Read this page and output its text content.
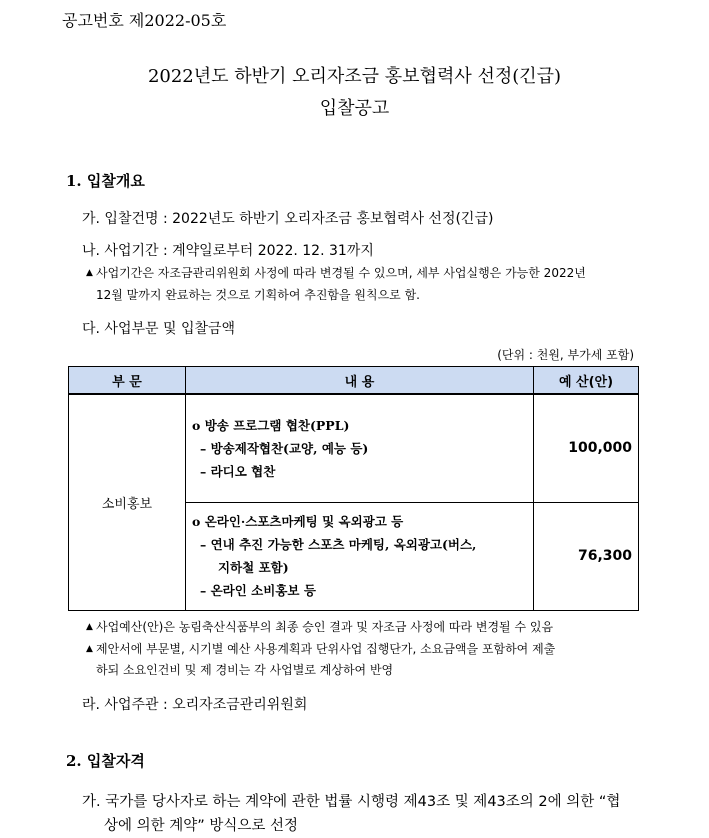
공고번호 제2022-05호
2022년도 하반기 오리자조금 홍보협력사 선정(긴급)
입찰공고
1. 입찰개요
가. 입찰건명 : 2022년도 하반기 오리자조금 홍보협력사 선정(긴급)
나. 사업기간 : 계약일로부터 2022. 12. 31까지
▲ 사업기간은 자조금관리위원회 사정에 따라 변경될 수 있으며, 세부 사업실행은 가능한 2022년
12월 말까지 완료하는 것으로 기획하여 추진함을 원칙으로 함.
다. 사업부문 및 입찰금액
(단위 : 천원, 부가세 포함)
부 문	내 용	예 산(안)
소비홍보	o 방송 프로그램 협찬(PPL)
– 방송제작협찬(교양, 예능 등)
– 라디오 협찬	100,000

	o 온라인·스포츠마케팅 및 옥외광고 등
– 연내 추진 가능한 스포츠 마케팅, 옥외광고(버스,
지하철 포함)
– 온라인 소비홍보 등	76,300
▲ 사업예산(안)은 농림축산식품부의 최종 승인 결과 및 자조금 사정에 따라 변경될 수 있음
▲ 제안서에 부문별, 시기별 예산 사용계획과 단위사업 집행단가, 소요금액을 포함하여 제출
하되 소요인건비 및 제 경비는 각 사업별로 계상하여 반영
라. 사업주관 : 오리자조금관리위원회
2. 입찰자격
가. 국가를 당사자로 하는 계약에 관한 법률 시행령 제43조 및 제43조의 2에 의한 “협
상에 의한 계약” 방식으로 선정
